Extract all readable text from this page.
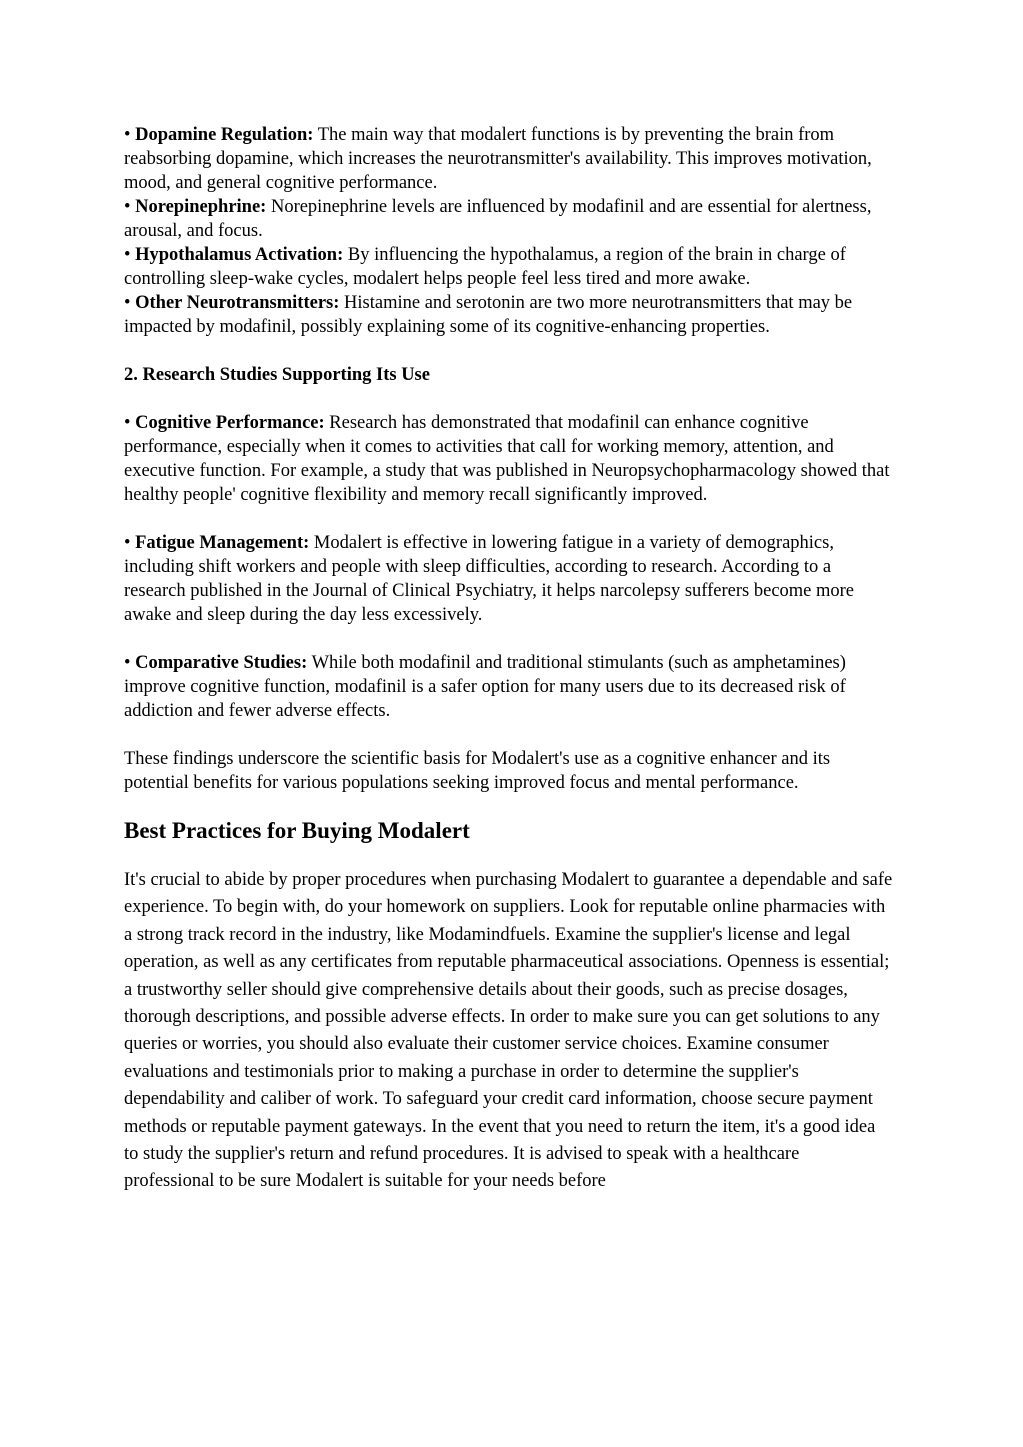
• Dopamine Regulation: The main way that modalert functions is by preventing the brain from reabsorbing dopamine, which increases the neurotransmitter's availability. This improves motivation, mood, and general cognitive performance.

• Norepinephrine: Norepinephrine levels are influenced by modafinil and are essential for alertness, arousal, and focus.

• Hypothalamus Activation: By influencing the hypothalamus, a region of the brain in charge of controlling sleep-wake cycles, modalert helps people feel less tired and more awake.

• Other Neurotransmitters: Histamine and serotonin are two more neurotransmitters that may be impacted by modafinil, possibly explaining some of its cognitive-enhancing properties.

2. Research Studies Supporting Its Use

• Cognitive Performance: Research has demonstrated that modafinil can enhance cognitive performance, especially when it comes to activities that call for working memory, attention, and executive function. For example, a study that was published in Neuropsychopharmacology showed that healthy people' cognitive flexibility and memory recall significantly improved.

• Fatigue Management: Modalert is effective in lowering fatigue in a variety of demographics, including shift workers and people with sleep difficulties, according to research. According to a research published in the Journal of Clinical Psychiatry, it helps narcolepsy sufferers become more awake and sleep during the day less excessively.

• Comparative Studies: While both modafinil and traditional stimulants (such as amphetamines) improve cognitive function, modafinil is a safer option for many users due to its decreased risk of addiction and fewer adverse effects.

These findings underscore the scientific basis for Modalert's use as a cognitive enhancer and its potential benefits for various populations seeking improved focus and mental performance.

Best Practices for Buying Modalert

It's crucial to abide by proper procedures when purchasing Modalert to guarantee a dependable and safe experience. To begin with, do your homework on suppliers. Look for reputable online pharmacies with a strong track record in the industry, like Modamindfuels. Examine the supplier's license and legal operation, as well as any certificates from reputable pharmaceutical associations. Openness is essential; a trustworthy seller should give comprehensive details about their goods, such as precise dosages, thorough descriptions, and possible adverse effects. In order to make sure you can get solutions to any queries or worries, you should also evaluate their customer service choices. Examine consumer evaluations and testimonials prior to making a purchase in order to determine the supplier's dependability and caliber of work. To safeguard your credit card information, choose secure payment methods or reputable payment gateways. In the event that you need to return the item, it's a good idea to study the supplier's return and refund procedures. It is advised to speak with a healthcare professional to be sure Modalert is suitable for your needs before
